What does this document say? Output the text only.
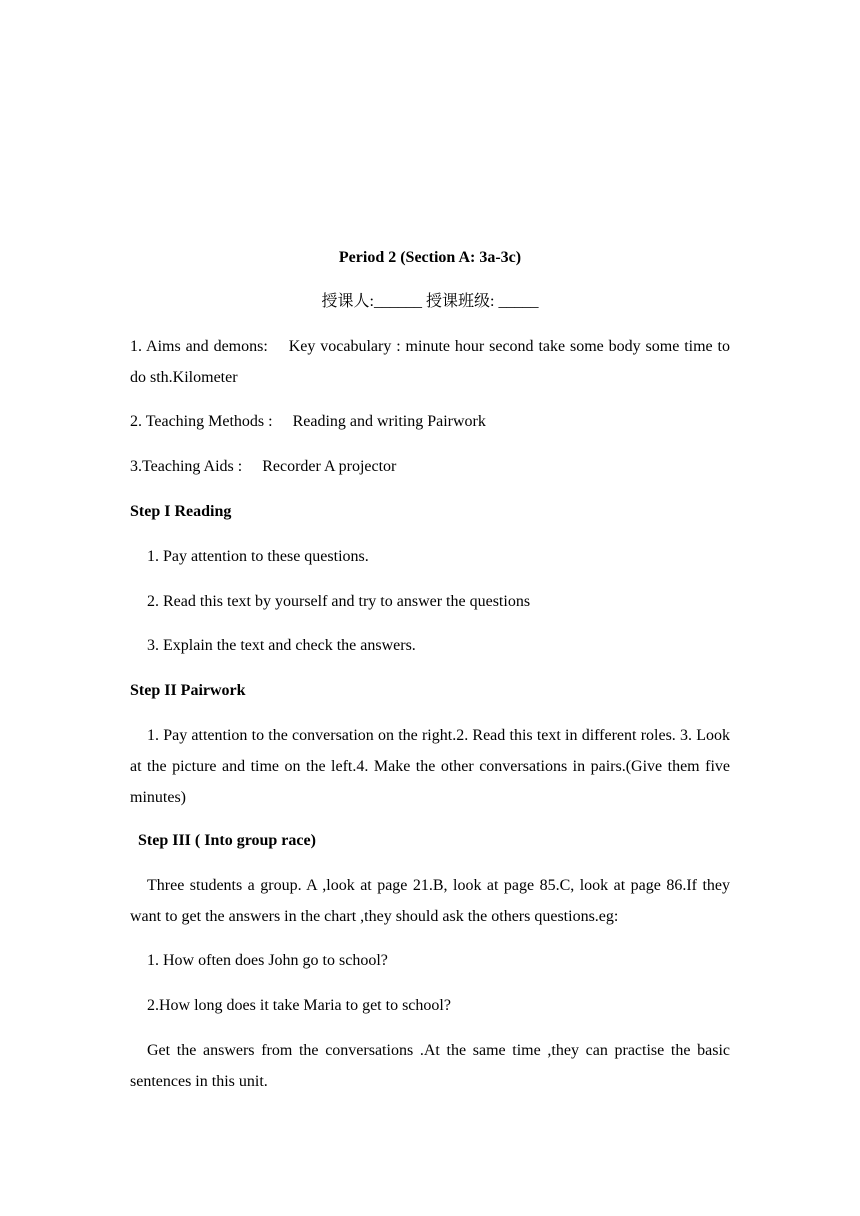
Period 2 (Section A: 3a-3c)
授课人:______ 授课班级: _____
1. Aims and demons:  Key vocabulary : minute hour second take some body some time to do sth.Kilometer
2. Teaching Methods :  Reading and writing Pairwork
3.Teaching Aids :  Recorder A projector
Step I Reading
1. Pay attention to these questions.
2. Read this text by yourself and try to answer the questions
3. Explain the text and check the answers.
Step II Pairwork
1. Pay attention to the conversation on the right.2. Read this text in different roles. 3. Look at the picture and time on the left.4. Make the other conversations in pairs.(Give them five minutes)
Step III ( Into group race)
Three students a group. A ,look at page 21.B, look at page 85.C, look at page 86.If they want to get the answers in the chart ,they should ask the others questions.eg:
1. How often does John go to school?
2.How long does it take Maria to get to school?
Get the answers from the conversations .At the same time ,they can practise the basic sentences in this unit.
